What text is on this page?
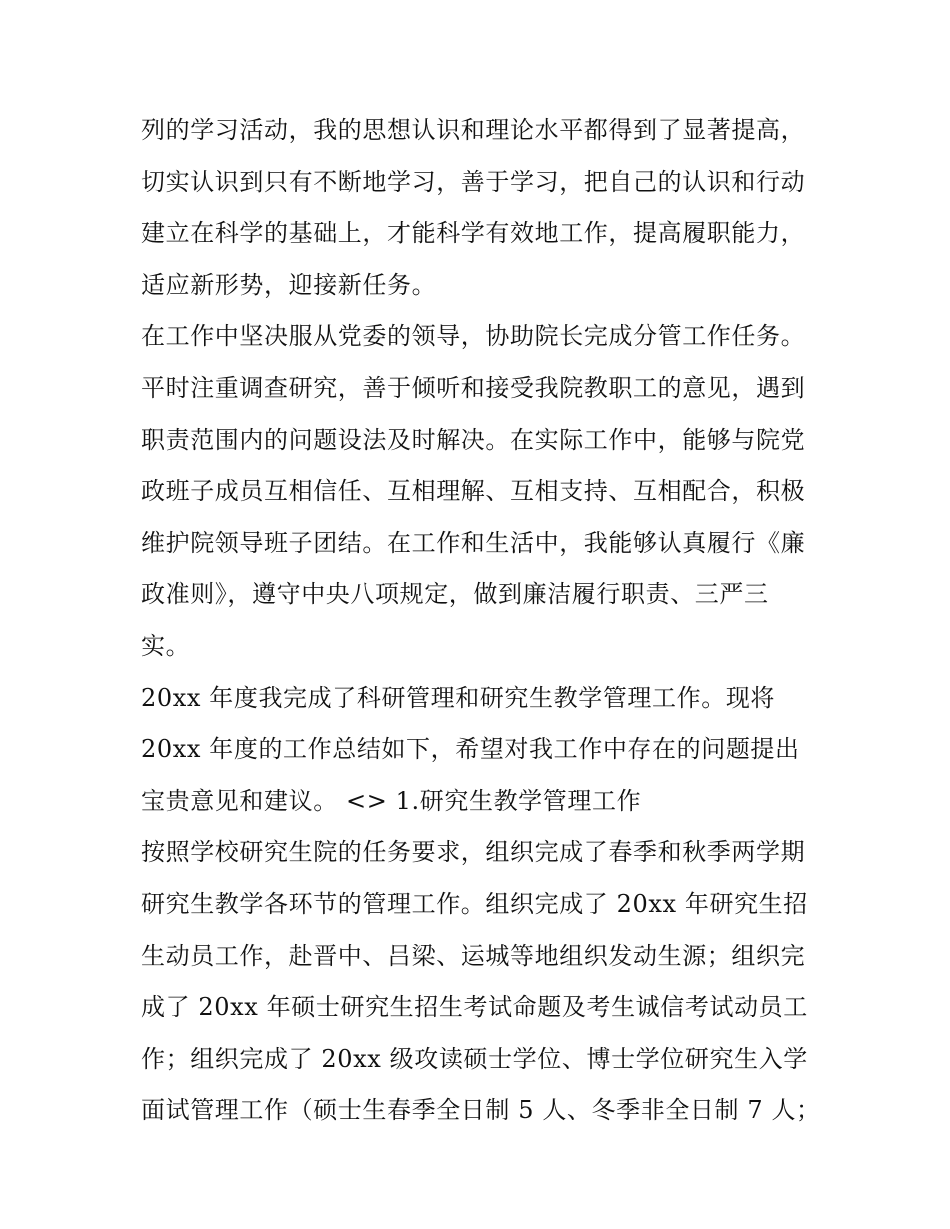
列的学习活动，我的思想认识和理论水平都得到了显著提高，
切实认识到只有不断地学习，善于学习，把自己的认识和行动
建立在科学的基础上，才能科学有效地工作，提高履职能力，
适应新形势，迎接新任务。
在工作中坚决服从党委的领导，协助院长完成分管工作任务。
平时注重调查研究，善于倾听和接受我院教职工的意见，遇到
职责范围内的问题设法及时解决。在实际工作中，能够与院党
政班子成员互相信任、互相理解、互相支持、互相配合，积极
维护院领导班子团结。在工作和生活中，我能够认真履行《廉
政准则》，遵守中央八项规定，做到廉洁履行职责、三严三
实。
20xx 年度我完成了科研管理和研究生教学管理工作。现将
20xx 年度的工作总结如下，希望对我工作中存在的问题提出
宝贵意见和建议。 <> 1.研究生教学管理工作
按照学校研究生院的任务要求，组织完成了春季和秋季两学期
研究生教学各环节的管理工作。组织完成了 20xx 年研究生招
生动员工作，赴晋中、吕梁、运城等地组织发动生源；组织完
成了 20xx 年硕士研究生招生考试命题及考生诚信考试动员工
作；组织完成了 20xx 级攻读硕士学位、博士学位研究生入学
面试管理工作（硕士生春季全日制 5 人、冬季非全日制 7 人；
